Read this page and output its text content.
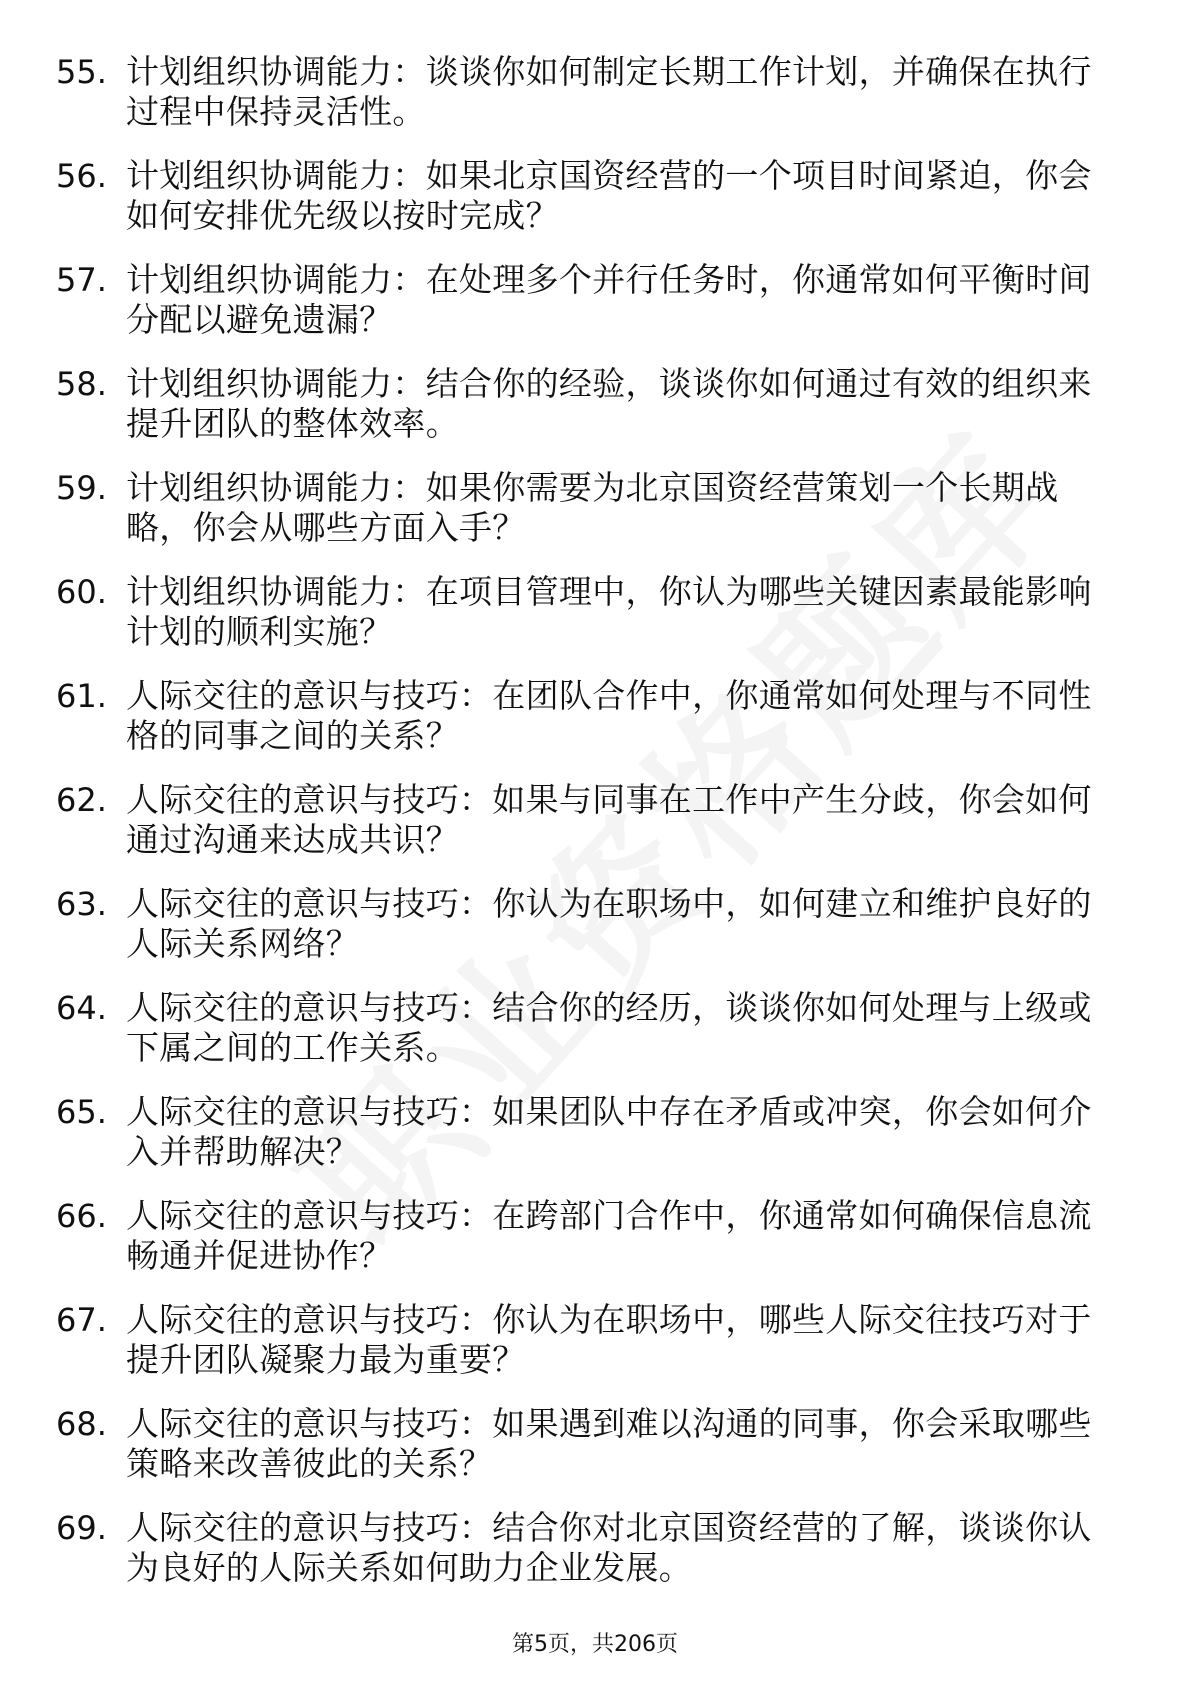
55. 计划组织协调能力：谈谈你如何制定长期工作计划，并确保在执行过程中保持灵活性。
56. 计划组织协调能力：如果北京国资经营的一个项目时间紧迫，你会如何安排优先级以按时完成？
57. 计划组织协调能力：在处理多个并行任务时，你通常如何平衡时间分配以避免遗漏？
58. 计划组织协调能力：结合你的经验，谈谈你如何通过有效的组织来提升团队的整体效率。
59. 计划组织协调能力：如果你需要为北京国资经营策划一个长期战略，你会从哪些方面入手？
60. 计划组织协调能力：在项目管理中，你认为哪些关键因素最能影响计划的顺利实施？
61. 人际交往的意识与技巧：在团队合作中，你通常如何处理与不同性格的同事之间的关系？
62. 人际交往的意识与技巧：如果与同事在工作中产生分歧，你会如何通过沟通来达成共识？
63. 人际交往的意识与技巧：你认为在职场中，如何建立和维护良好的人际关系网络？
64. 人际交往的意识与技巧：结合你的经历，谈谈你如何处理与上级或下属之间的工作关系。
65. 人际交往的意识与技巧：如果团队中存在矛盾或冲突，你会如何介入并帮助解决？
66. 人际交往的意识与技巧：在跨部门合作中，你通常如何确保信息流畅通并促进协作？
67. 人际交往的意识与技巧：你认为在职场中，哪些人际交往技巧对于提升团队凝聚力最为重要？
68. 人际交往的意识与技巧：如果遇到难以沟通的同事，你会采取哪些策略来改善彼此的关系？
69. 人际交往的意识与技巧：结合你对北京国资经营的了解，谈谈你认为良好的人际关系如何助力企业发展。
第5页，共206页
